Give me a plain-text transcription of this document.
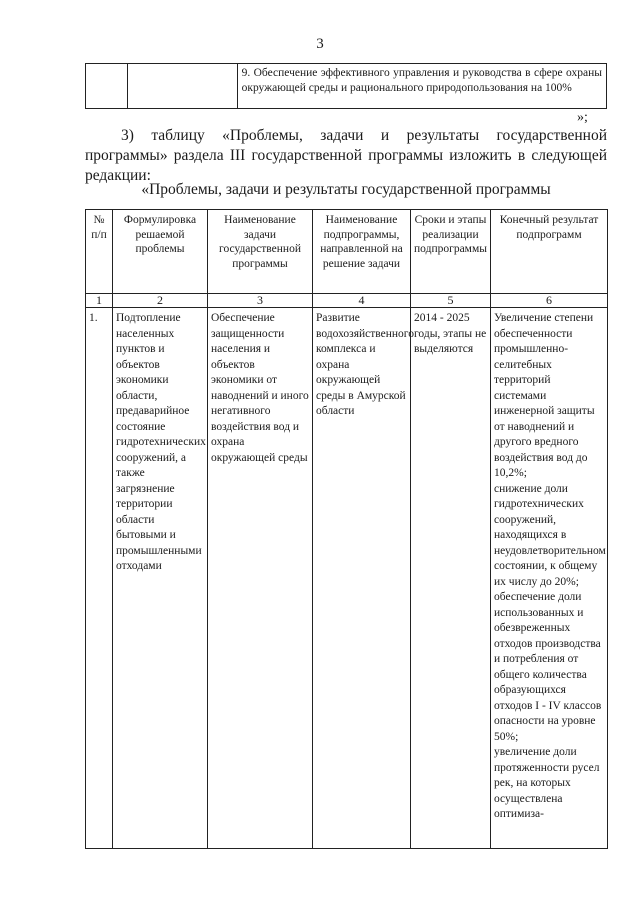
3
		9. Обеспечение эффективного управления и руководства в сфере охраны окружающей среды и рационального природопользования на 100%
»;
3) таблицу «Проблемы, задачи и результаты государственной программы» раздела III государственной программы изложить в следующей редакции:
«Проблемы, задачи и результаты государственной программы
№ п/п	Формулировка решаемой проблемы	Наименование задачи государственной программы	Наименование подпрограммы, направленной на решение задачи	Сроки и этапы реализации подпрограммы	Конечный результат подпрограмм
1	2	3	4	5	6
1.	Подтопление населенных пунктов и объектов экономики области, предаварийное состояние гидротехнических сооружений, а также загрязнение территории области бытовыми и промышленными отходами	Обеспечение защищенности населения и объектов экономики от наводнений и иного негативного воздействия вод и охрана окружающей среды	Развитие водохозяйственного комплекса и охрана окружающей среды в Амурской области	2014 - 2025 годы, этапы не выделяются	Увеличение степени обеспеченности промышленно-селитебных территорий системами инженерной защиты от наводнений и другого вредного воздействия вод до 10,2%;
снижение доли гидротехнических сооружений, находящихся в неудовлетворительном состоянии, к общему их числу до 20%;
обеспечение доли использованных и обезвреженных отходов производства и потребления от общего количества образующихся отходов I - IV классов опасности на уровне 50%;
увеличение доли протяженности русел рек, на которых осуществлена оптимиза-
